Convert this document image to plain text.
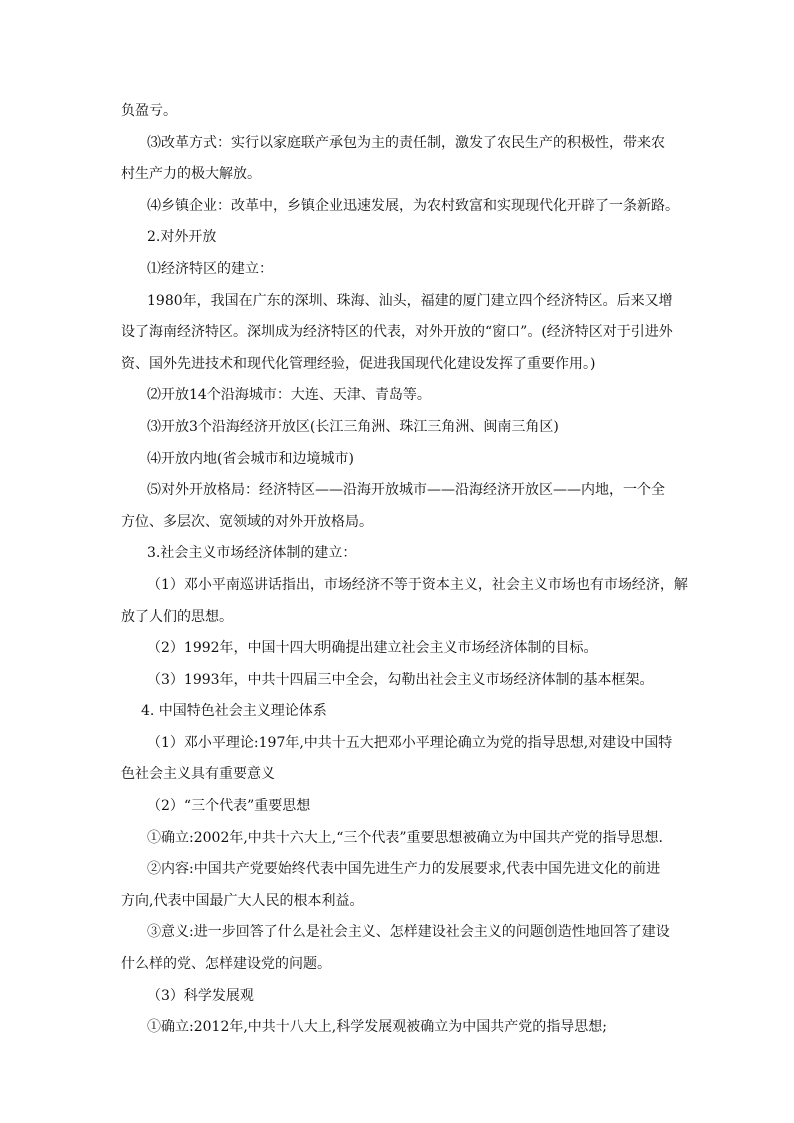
负盈亏。
⑶改革方式：实行以家庭联产承包为主的责任制，激发了农民生产的积极性，带来农
村生产力的极大解放。
⑷乡镇企业：改革中，乡镇企业迅速发展，为农村致富和实现现代化开辟了一条新路。
2.对外开放
⑴经济特区的建立：
1980年，我国在广东的深圳、珠海、汕头，福建的厦门建立四个经济特区。后来又增
设了海南经济特区。深圳成为经济特区的代表，对外开放的“窗口”。(经济特区对于引进外
资、国外先进技术和现代化管理经验，促进我国现代化建设发挥了重要作用。)
⑵开放14个沿海城市：大连、天津、青岛等。
⑶开放3个沿海经济开放区(长江三角洲、珠江三角洲、闽南三角区)
⑷开放内地(省会城市和边境城市)
⑸对外开放格局：经济特区——沿海开放城市——沿海经济开放区——内地，一个全
方位、多层次、宽领域的对外开放格局。
3.社会主义市场经济体制的建立：
（1）邓小平南巡讲话指出，市场经济不等于资本主义，社会主义市场也有市场经济，解
放了人们的思想。
（2）1992年，中国十四大明确提出建立社会主义市场经济体制的目标。
（3）1993年，中共十四届三中全会，勾勒出社会主义市场经济体制的基本框架。
4. 中国特色社会主义理论体系
（1）邓小平理论:197年,中共十五大把邓小平理论确立为党的指导思想,对建设中国特
色社会主义具有重要意义
（2）“三个代表”重要思想
①确立:2002年,中共十六大上,“三个代表”重要思想被确立为中国共产党的指导思想.
②内容:中国共产党要始终代表中国先进生产力的发展要求,代表中国先进文化的前进
方向,代表中国最广大人民的根本利益。
③意义:进一步回答了什么是社会主义、怎样建设社会主义的问题创造性地回答了建设
什么样的党、怎样建设党的问题。
（3）科学发展观
①确立:2012年,中共十八大上,科学发展观被确立为中国共产党的指导思想;
